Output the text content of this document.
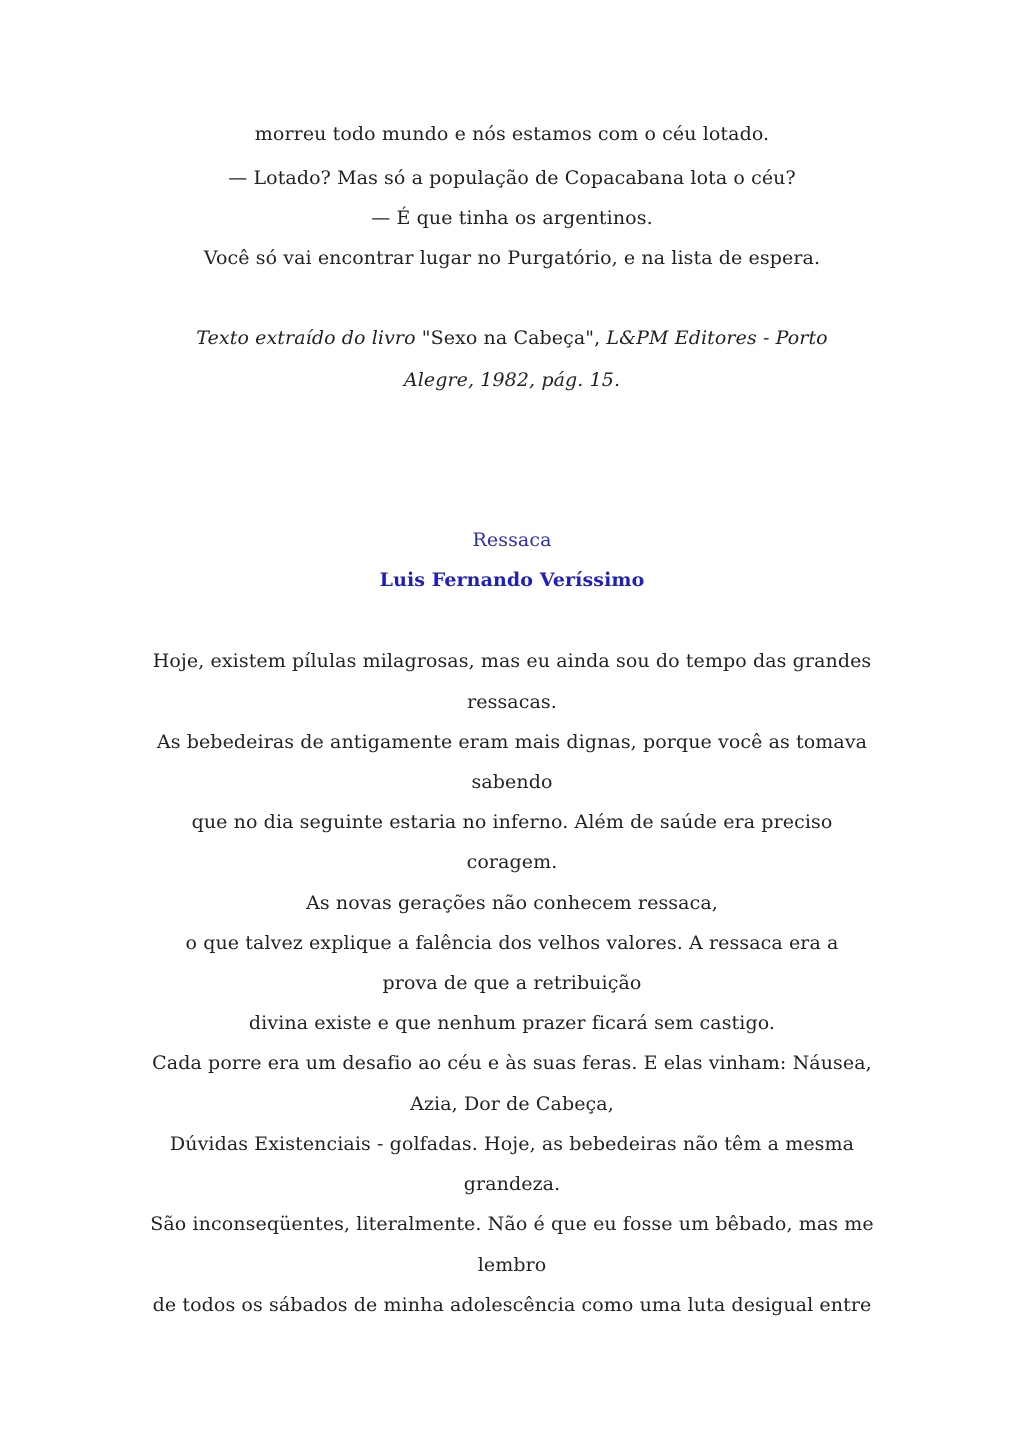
morreu todo mundo e nós estamos com o céu lotado.
— Lotado? Mas só a população de Copacabana lota o céu?
— É que tinha os argentinos.
Você só vai encontrar lugar no Purgatório, e na lista de espera.
Texto extraído do livro "Sexo na Cabeça", L&PM Editores - Porto
Alegre, 1982, pág. 15.
Ressaca
Luis Fernando Veríssimo
Hoje, existem pílulas milagrosas, mas eu ainda sou do tempo das grandes
ressacas.
As bebedeiras de antigamente eram mais dignas, porque você as tomava
sabendo
que no dia seguinte estaria no inferno. Além de saúde era preciso
coragem.
As novas gerações não conhecem ressaca,
o que talvez explique a falência dos velhos valores. A ressaca era a
prova de que a retribuição
divina existe e que nenhum prazer ficará sem castigo.
Cada porre era um desafio ao céu e às suas feras. E elas vinham: Náusea,
Azia, Dor de Cabeça,
Dúvidas Existenciais - golfadas. Hoje, as bebedeiras não têm a mesma
grandeza.
São inconseqüentes, literalmente. Não é que eu fosse um bêbado, mas me
lembro
de todos os sábados de minha adolescência como uma luta desigual entre
